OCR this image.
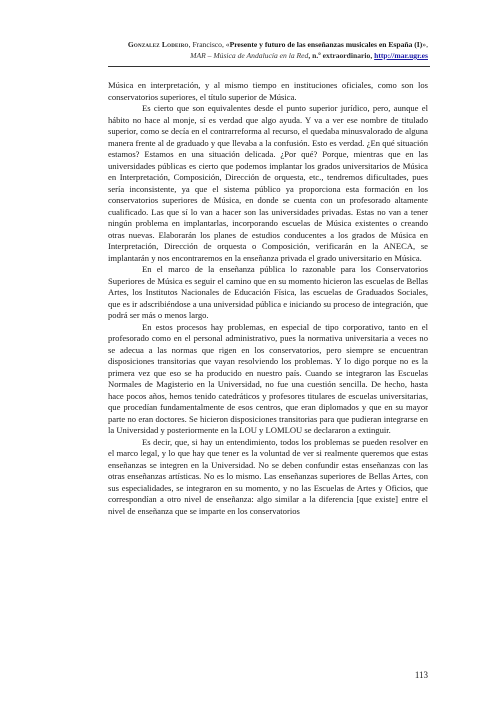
Gonzalez Lodeiro, Francisco, «Presente y futuro de las enseñanzas musicales en España (I)»,
MAR – Música de Andalucía en la Red, n.º extraordinario, http://mar.ugr.es

Música en interpretación, y al mismo tiempo en instituciones oficiales, como son los conservatorios superiores, el título superior de Música.

Es cierto que son equivalentes desde el punto superior jurídico, pero, aunque el hábito no hace al monje, sí es verdad que algo ayuda. Y va a ver ese nombre de titulado superior, como se decía en el contrarreforma al recurso, el quedaba minusvalorado de alguna manera frente al de graduado y que llevaba a la confusión. Esto es verdad. ¿En qué situación estamos? Estamos en una situación delicada. ¿Por qué? Porque, mientras que en las universidades públicas es cierto que podemos implantar los grados universitarios de Música en Interpretación, Composición, Dirección de orquesta, etc., tendremos dificultades, pues sería inconsistente, ya que el sistema público ya proporciona esta formación en los conservatorios superiores de Música, en donde se cuenta con un profesorado altamente cualificado. Las que sí lo van a hacer son las universidades privadas. Estas no van a tener ningún problema en implantarlas, incorporando escuelas de Música existentes o creando otras nuevas. Elaborarán los planes de estudios conducentes a los grados de Música en Interpretación, Dirección de orquesta o Composición, verificarán en la ANECA, se implantarán y nos encontraremos en la enseñanza privada el grado universitario en Música.

En el marco de la enseñanza pública lo razonable para los Conservatorios Superiores de Música es seguir el camino que en su momento hicieron las escuelas de Bellas Artes, los Institutos Nacionales de Educación Física, las escuelas de Graduados Sociales, que es ir adscribiéndose a una universidad pública e iniciando su proceso de integración, que podrá ser más o menos largo.

En estos procesos hay problemas, en especial de tipo corporativo, tanto en el profesorado como en el personal administrativo, pues la normativa universitaria a veces no se adecua a las normas que rigen en los conservatorios, pero siempre se encuentran disposiciones transitorias que vayan resolviendo los problemas. Y lo digo porque no es la primera vez que eso se ha producido en nuestro país. Cuando se integraron las Escuelas Normales de Magisterio en la Universidad, no fue una cuestión sencilla. De hecho, hasta hace pocos años, hemos tenido catedráticos y profesores titulares de escuelas universitarias, que procedían fundamentalmente de esos centros, que eran diplomados y que en su mayor parte no eran doctores. Se hicieron disposiciones transitorias para que pudieran integrarse en la Universidad y posteriormente en la LOU y LOMLOU se declararon a extinguir.

Es decir, que, si hay un entendimiento, todos los problemas se pueden resolver en el marco legal, y lo que hay que tener es la voluntad de ver si realmente queremos que estas enseñanzas se integren en la Universidad. No se deben confundir estas enseñanzas con las otras enseñanzas artísticas. No es lo mismo. Las enseñanzas superiores de Bellas Artes, con sus especialidades, se integraron en su momento, y no las Escuelas de Artes y Oficios, que correspondían a otro nivel de enseñanza: algo similar a la diferencia [que existe] entre el nivel de enseñanza que se imparte en los conservatorios

113
